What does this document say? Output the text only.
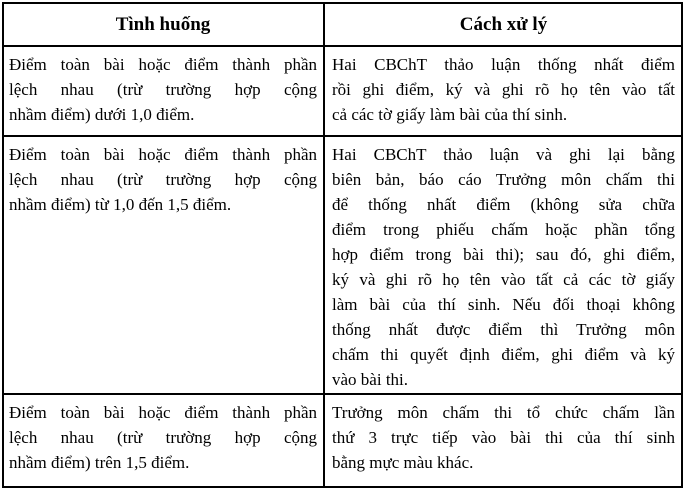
Tình huống	Cách xử lý
Điểm toàn bài hoặc điểm thành phần
lệch nhau (trừ trường hợp cộng
nhầm điểm) dưới 1,0 điểm.
Hai CBChT thảo luận thống nhất điểm
rồi ghi điểm, ký và ghi rõ họ tên vào tất
cả các tờ giấy làm bài của thí sinh.
Điểm toàn bài hoặc điểm thành phần
lệch nhau (trừ trường hợp cộng
nhầm điểm) từ 1,0 đến 1,5 điểm.
Hai CBChT thảo luận và ghi lại bằng
biên bản, báo cáo Trưởng môn chấm thi
để thống nhất điểm (không sửa chữa
điểm trong phiếu chấm hoặc phần tổng
hợp điểm trong bài thi); sau đó, ghi điểm,
ký và ghi rõ họ tên vào tất cả các tờ giấy
làm bài của thí sinh. Nếu đối thoại không
thống nhất được điểm thì Trưởng môn
chấm thi quyết định điểm, ghi điểm và ký
vào bài thi.
Điểm toàn bài hoặc điểm thành phần
lệch nhau (trừ trường hợp cộng
nhầm điểm) trên 1,5 điểm.
Trưởng môn chấm thi tổ chức chấm lần
thứ 3 trực tiếp vào bài thi của thí sinh
bằng mực màu khác.
